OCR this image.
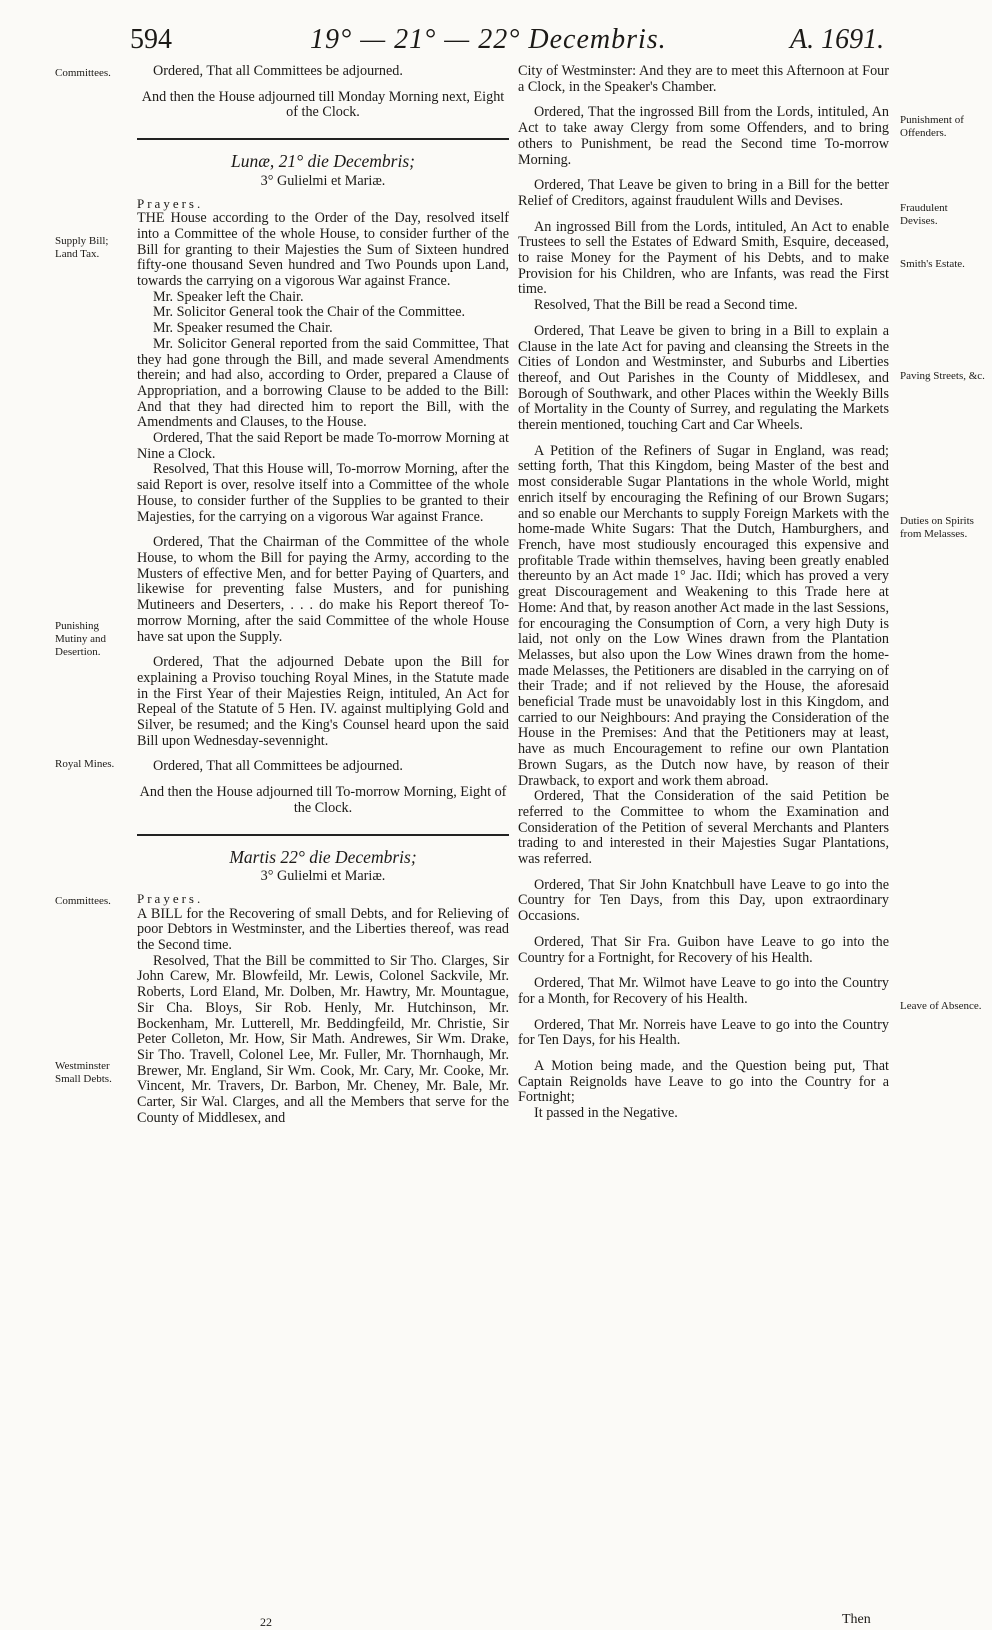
594	19° — 21° — 22° Decembris.	A. 1691.
Committees.
Supply Bill; Land Tax.
Punishing Mutiny and Desertion.
Royal Mines.
Committees.
Westminster Small Debts.
Punishment of Offenders.
Fraudulent Devises.
Smith's Estate.
Paving Streets, &c.
Duties on Spirits from Melasses.
Leave of Absence.

Ordered, That all Committees be adjourned.

And then the House adjourned till Monday Morning next, Eight of the Clock.

Lunæ, 21° die Decembris;
3° Gulielmi et Mariæ.

Prayers.

THE House according to the Order of the Day, resolved itself into a Committee of the whole House, to consider further of the Bill for granting to their Majesties the Sum of Sixteen hundred fifty-one thousand Seven hundred and Two Pounds upon Land, towards the carrying on a vigorous War against France.

Mr. Speaker left the Chair.

Mr. Solicitor General took the Chair of the Committee.

Mr. Speaker resumed the Chair.

Mr. Solicitor General reported from the said Committee, That they had gone through the Bill, and made several Amendments therein; and had also, according to Order, prepared a Clause of Appropriation, and a borrowing Clause to be added to the Bill: And that they had directed him to report the Bill, with the Amendments and Clauses, to the House.

Ordered, That the said Report be made To-morrow Morning at Nine a Clock.

Resolved, That this House will, To-morrow Morning, after the said Report is over, resolve itself into a Committee of the whole House, to consider further of the Supplies to be granted to their Majesties, for the carrying on a vigorous War against France.

Ordered, That the Chairman of the Committee of the whole House, to whom the Bill for paying the Army, according to the Musters of effective Men, and for better Paying of Quarters, and likewise for preventing false Musters, and for punishing Mutineers and Deserters, . . . do make his Report thereof To-morrow Morning, after the said Committee of the whole House have sat upon the Supply.

Ordered, That the adjourned Debate upon the Bill for explaining a Proviso touching Royal Mines, in the Statute made in the First Year of their Majesties Reign, intituled, An Act for Repeal of the Statute of 5 Hen. IV. against multiplying Gold and Silver, be resumed; and the King's Counsel heard upon the said Bill upon Wednesday-sevennight.

Ordered, That all Committees be adjourned.

And then the House adjourned till To-morrow Morning, Eight of the Clock.

Martis 22° die Decembris;
3° Gulielmi et Mariæ.

Prayers.

A BILL for the Recovering of small Debts, and for Relieving of poor Debtors in Westminster, and the Liberties thereof, was read the Second time.

Resolved, That the Bill be committed to Sir Tho. Clarges, Sir John Carew, Mr. Blowfeild, Mr. Lewis, Colonel Sackvile, Mr. Roberts, Lord Eland, Mr. Dolben, Mr. Hawtry, Mr. Mountague, Sir Cha. Bloys, Sir Rob. Henly, Mr. Hutchinson, Mr. Bockenham, Mr. Lutterell, Mr. Beddingfeild, Mr. Christie, Sir Peter Colleton, Mr. How, Sir Math. Andrewes, Sir Wm. Drake, Sir Tho. Travell, Colonel Lee, Mr. Fuller, Mr. Thornhaugh, Mr. Brewer, Mr. England, Sir Wm. Cook, Mr. Cary, Mr. Cooke, Mr. Vincent, Mr. Travers, Dr. Barbon, Mr. Cheney, Mr. Bale, Mr. Carter, Sir Wal. Clarges, and all the Members that serve for the County of Middlesex, and

City of Westminster: And they are to meet this Afternoon at Four a Clock, in the Speaker's Chamber.

Ordered, That the ingrossed Bill from the Lords, intituled, An Act to take away Clergy from some Offenders, and to bring others to Punishment, be read the Second time To-morrow Morning.

Ordered, That Leave be given to bring in a Bill for the better Relief of Creditors, against fraudulent Wills and Devises.

An ingrossed Bill from the Lords, intituled, An Act to enable Trustees to sell the Estates of Edward Smith, Esquire, deceased, to raise Money for the Payment of his Debts, and to make Provision for his Children, who are Infants, was read the First time.

Resolved, That the Bill be read a Second time.

Ordered, That Leave be given to bring in a Bill to explain a Clause in the late Act for paving and cleansing the Streets in the Cities of London and Westminster, and Suburbs and Liberties thereof, and Out Parishes in the County of Middlesex, and Borough of Southwark, and other Places within the Weekly Bills of Mortality in the County of Surrey, and regulating the Markets therein mentioned, touching Cart and Car Wheels.

A Petition of the Refiners of Sugar in England, was read; setting forth, That this Kingdom, being Master of the best and most considerable Sugar Plantations in the whole World, might enrich itself by encouraging the Refining of our Brown Sugars; and so enable our Merchants to supply Foreign Markets with the home-made White Sugars: That the Dutch, Hamburghers, and French, have most studiously encouraged this expensive and profitable Trade within themselves, having been greatly enabled thereunto by an Act made 1° Jac. IIdi; which has proved a very great Discouragement and Weakening to this Trade here at Home: And that, by reason another Act made in the last Sessions, for encouraging the Consumption of Corn, a very high Duty is laid, not only on the Low Wines drawn from the Plantation Melasses, but also upon the Low Wines drawn from the home-made Melasses, the Petitioners are disabled in the carrying on of their Trade; and if not relieved by the House, the aforesaid beneficial Trade must be unavoidably lost in this Kingdom, and carried to our Neighbours: And praying the Consideration of the House in the Premises: And that the Petitioners may at least, have as much Encouragement to refine our own Plantation Brown Sugars, as the Dutch now have, by reason of their Drawback, to export and work them abroad.

Ordered, That the Consideration of the said Petition be referred to the Committee to whom the Examination and Consideration of the Petition of several Merchants and Planters trading to and interested in their Majesties Sugar Plantations, was referred.

Ordered, That Sir John Knatchbull have Leave to go into the Country for Ten Days, from this Day, upon extraordinary Occasions.

Ordered, That Sir Fra. Guibon have Leave to go into the Country for a Fortnight, for Recovery of his Health.

Ordered, That Mr. Wilmot have Leave to go into the Country for a Month, for Recovery of his Health.

Ordered, That Mr. Norreis have Leave to go into the Country for Ten Days, for his Health.

A Motion being made, and the Question being put, That Captain Reignolds have Leave to go into the Country for a Fortnight;

It passed in the Negative.

22	Then
